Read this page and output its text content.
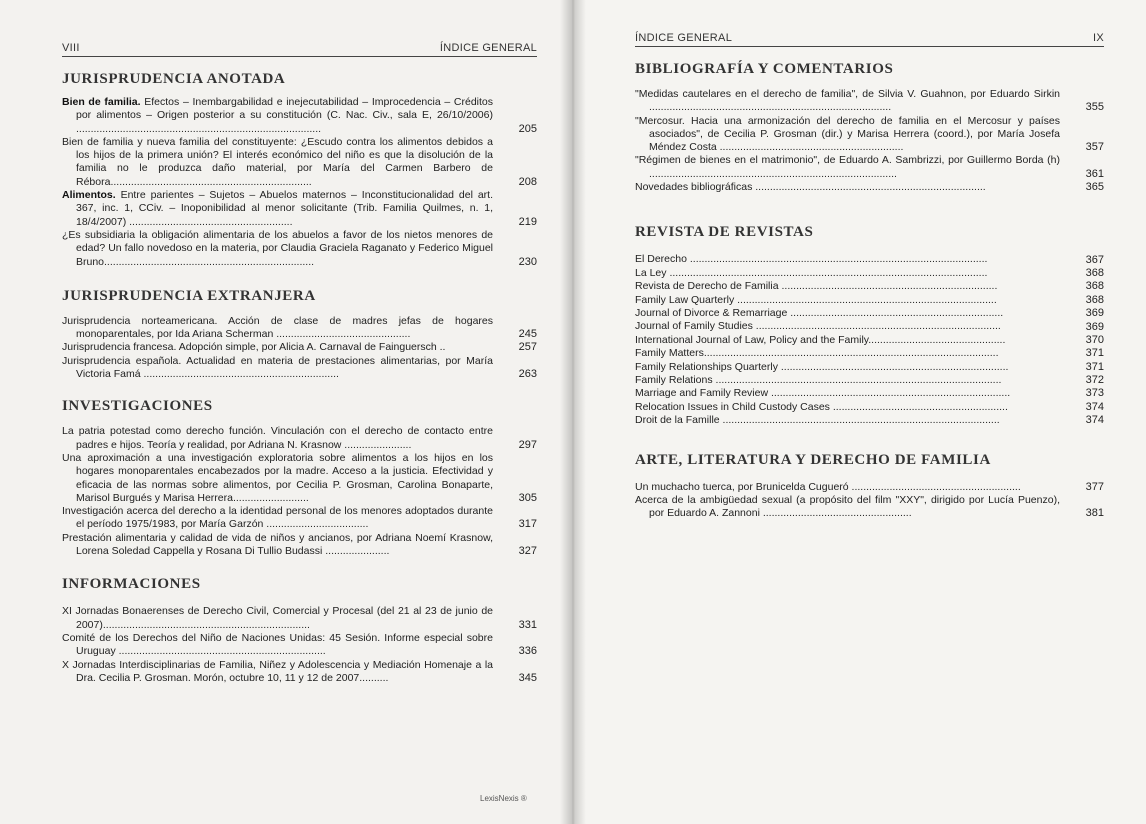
VIII	ÍNDICE GENERAL
JURISPRUDENCIA ANOTADA
Bien de familia. Efectos – Inembargabilidad e inejecutabilidad – Improcedencia – Créditos por alimentos – Origen posterior a su constitución (C. Nac. Civ., sala E, 26/10/2006) ....................................................................................	205
Bien de familia y nueva familia del constituyente: ¿Escudo contra los alimentos debidos a los hijos de la primera unión? El interés económico del niño es que la disolución de la familia no le produzca daño material, por María del Carmen Barbero de Rébora.....................................................................	208
Alimentos. Entre parientes – Sujetos – Abuelos maternos – Inconstitucionalidad del art. 367, inc. 1, CCiv. – Inoponibilidad al menor solicitante (Trib. Familia Quilmes, n. 1, 18/4/2007) ........................................................	219
¿Es subsidiaria la obligación alimentaria de los abuelos a favor de los nietos menores de edad? Un fallo novedoso en la materia, por Claudia Graciela Raganato y Federico Miguel Bruno........................................................................	230
JURISPRUDENCIA EXTRANJERA
Jurisprudencia norteamericana. Acción de clase de madres jefas de hogares monoparentales, por Ida Ariana Scherman ..............................................	245
Jurisprudencia francesa. Adopción simple, por Alicia A. Carnaval de Fainguersch ..	257
Jurisprudencia española. Actualidad en materia de prestaciones alimentarias, por María Victoria Famá ...................................................................	263
INVESTIGACIONES
La patria potestad como derecho función. Vinculación con el derecho de contacto entre padres e hijos. Teoría y realidad, por Adriana N. Krasnow .......................	297
Una aproximación a una investigación exploratoria sobre alimentos a los hijos en los hogares monoparentales encabezados por la madre. Acceso a la justicia. Efectividad y eficacia de las normas sobre alimentos, por Cecilia P. Grosman, Carolina Bonaparte, Marisol Burgués y Marisa Herrera..........................	305
Investigación acerca del derecho a la identidad personal de los menores adoptados durante el período 1975/1983, por María Garzón ...................................	317
Prestación alimentaria y calidad de vida de niños y ancianos, por Adriana Noemí Krasnow, Lorena Soledad Cappella y Rosana Di Tullio Budassi ......................	327
INFORMACIONES
XI Jornadas Bonaerenses de Derecho Civil, Comercial y Procesal (del 21 al 23 de junio de 2007).......................................................................	331
Comité de los Derechos del Niño de Naciones Unidas: 45 Sesión. Informe especial sobre Uruguay .......................................................................	336
X Jornadas Interdisciplinarias de Familia, Niñez y Adolescencia y Mediación Homenaje a la Dra. Cecilia P. Grosman. Morón, octubre 10, 11 y 12 de 2007..........	345
LexisNexis ®
ÍNDICE GENERAL	IX
BIBLIOGRAFÍA Y COMENTARIOS
"Medidas cautelares en el derecho de familia", de Silvia V. Guahnon, por Eduardo Sirkin ...................................................................................	355
"Mercosur. Hacia una armonización del derecho de familia en el Mercosur y países asociados", de Cecilia P. Grosman (dir.) y Marisa Herrera (coord.), por María Josefa Méndez Costa ...............................................................	357
"Régimen de bienes en el matrimonio", de Eduardo A. Sambrizzi, por Guillermo Borda (h) .....................................................................................	361
Novedades bibliográficas ...............................................................................	365
REVISTA DE REVISTAS
El Derecho ......................................................................................................	367
La Ley .............................................................................................................	368
Revista de Derecho de Familia ..........................................................................	368
Family Law Quarterly .........................................................................................	368
Journal of Divorce & Remarriage .........................................................................	369
Journal of Family Studies ....................................................................................	369
International Journal of Law, Policy and the Family...............................................	370
Family Matters.....................................................................................................	371
Family Relationships Quarterly ..............................................................................	371
Family Relations ..................................................................................................	372
Marriage and Family Review ..................................................................................	373
Relocation Issues in Child Custody Cases ............................................................	374
Droit de la Famille ...............................................................................................	374
ARTE, LITERATURA Y DERECHO DE FAMILIA
Un muchacho tuerca, por Brunicelda Cugueró ..........................................................	377
Acerca de la ambigüedad sexual (a propósito del film "XXY", dirigido por Lucía Puenzo), por Eduardo A. Zannoni ...................................................	381
